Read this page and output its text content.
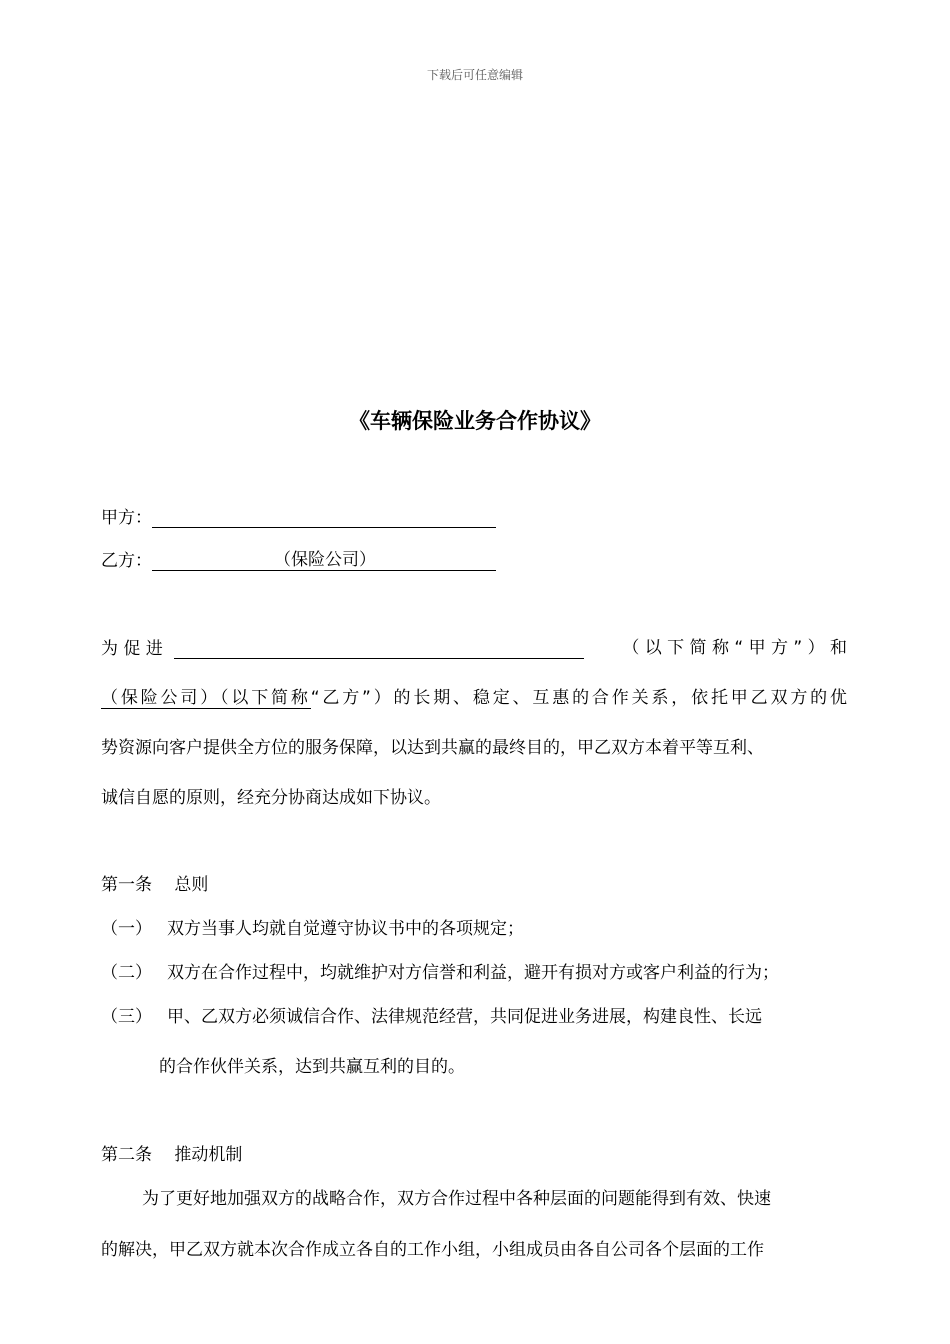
下载后可任意编辑
《车辆保险业务合作协议》
甲方：
乙方：	（保险公司）
为 促 进	（ 以 下 简 称 “ 甲 方 ” ） 和
（保险公司）（以下简称“乙方”）的长期、稳定、互惠的合作关系，依托甲乙双方的优
势资源向客户提供全方位的服务保障，以达到共赢的最终目的，甲乙双方本着平等互利、
诚信自愿的原则，经充分协商达成如下协议。
第一条　 总则
（一） 双方当事人均就自觉遵守协议书中的各项规定；
（二） 双方在合作过程中，均就维护对方信誉和利益，避开有损对方或客户利益的行为；
（三） 甲、乙双方必须诚信合作、法律规范经营，共同促进业务进展，构建良性、长远
的合作伙伴关系，达到共赢互利的目的。
第二条　 推动机制
为了更好地加强双方的战略合作，双方合作过程中各种层面的问题能得到有效、快速
的解决，甲乙双方就本次合作成立各自的工作小组，小组成员由各自公司各个层面的工作
